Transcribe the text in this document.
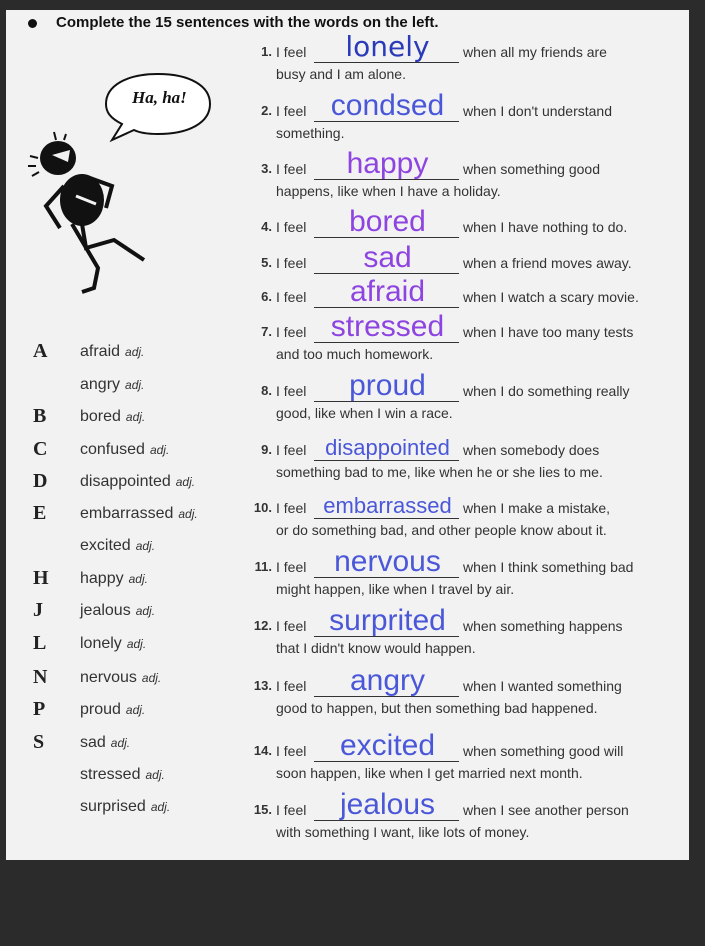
Complete the 15 sentences with the words on the left.
Ha, ha!
A afraid adj.
angry adj.
B bored adj.
C confused adj.
D disappointed adj.
E embarrassed adj.
excited adj.
H happy adj.
J jealous adj.
L lonely adj.
N nervous adj.
P proud adj.
S sad adj.
stressed adj.
surprised adj.
1. I feel	lonely	when all my friends are
busy and I am alone.
2. I feel condsed	when I don't understand
something.
3. I feel	happy	when something good
happens, like when I have a holiday.
4. I feel	bored	when I have nothing to do.
5. I feel	sad	when a friend moves away.
6. I feel	afraid	when I watch a scary movie.
7. I feel stressed	when I have too many tests
and too much homework.
8. I feel	proud	when I do something really
good, like when I win a race.
9. I feel disappointed when somebody does
something bad to me, like when he or she lies to me.
10. I feel embarrassed when I make a mistake,
or do something bad, and other people know about it.
11. I feel nervous	when I think something bad
might happen, like when I travel by air.
12. I feel surprited	when something happens
that I didn't know would happen.
13. I feel	angry	when I wanted something
good to happen, but then something bad happened.
14. I feel	excited	when something good will
soon happen, like when I get married next month.
15. I feel	jealous	when I see another person
with something I want, like lots of money.
